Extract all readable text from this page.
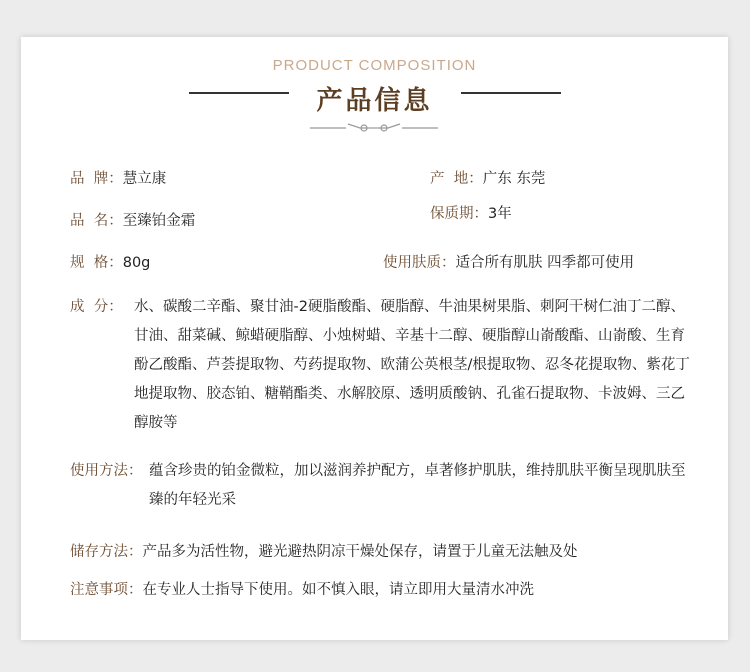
PRODUCT COMPOSITION
产品信息
品  牌：慧立康	产  地：广东 东莞
品  名：至臻铂金霜	保质期：3年
规  格：80g	使用肤质：适合所有肌肤 四季都可使用
成  分： 水、碳酸二辛酯、聚甘油-2硬脂酸酯、硬脂醇、牛油果树果脂、刺阿干树仁油丁二醇、甘油、甜菜碱、鲸蜡硬脂醇、小烛树蜡、辛基十二醇、硬脂醇山嵛酸酯、山嵛酸、生育酚乙酸酯、芦荟提取物、芍药提取物、欧蒲公英根茎/根提取物、忍冬花提取物、紫花丁地提取物、胶态铂、糖鞘酯类、水解胶原、透明质酸钠、孔雀石提取物、卡波姆、三乙醇胺等
使用方法： 蕴含珍贵的铂金微粒，加以滋润养护配方，卓著修护肌肤，维持肌肤平衡呈现肌肤至臻的年轻光采
储存方法：产品多为活性物，避光避热阴凉干燥处保存，请置于儿童无法触及处
注意事项：在专业人士指导下使用。如不慎入眼，请立即用大量清水冲洗
